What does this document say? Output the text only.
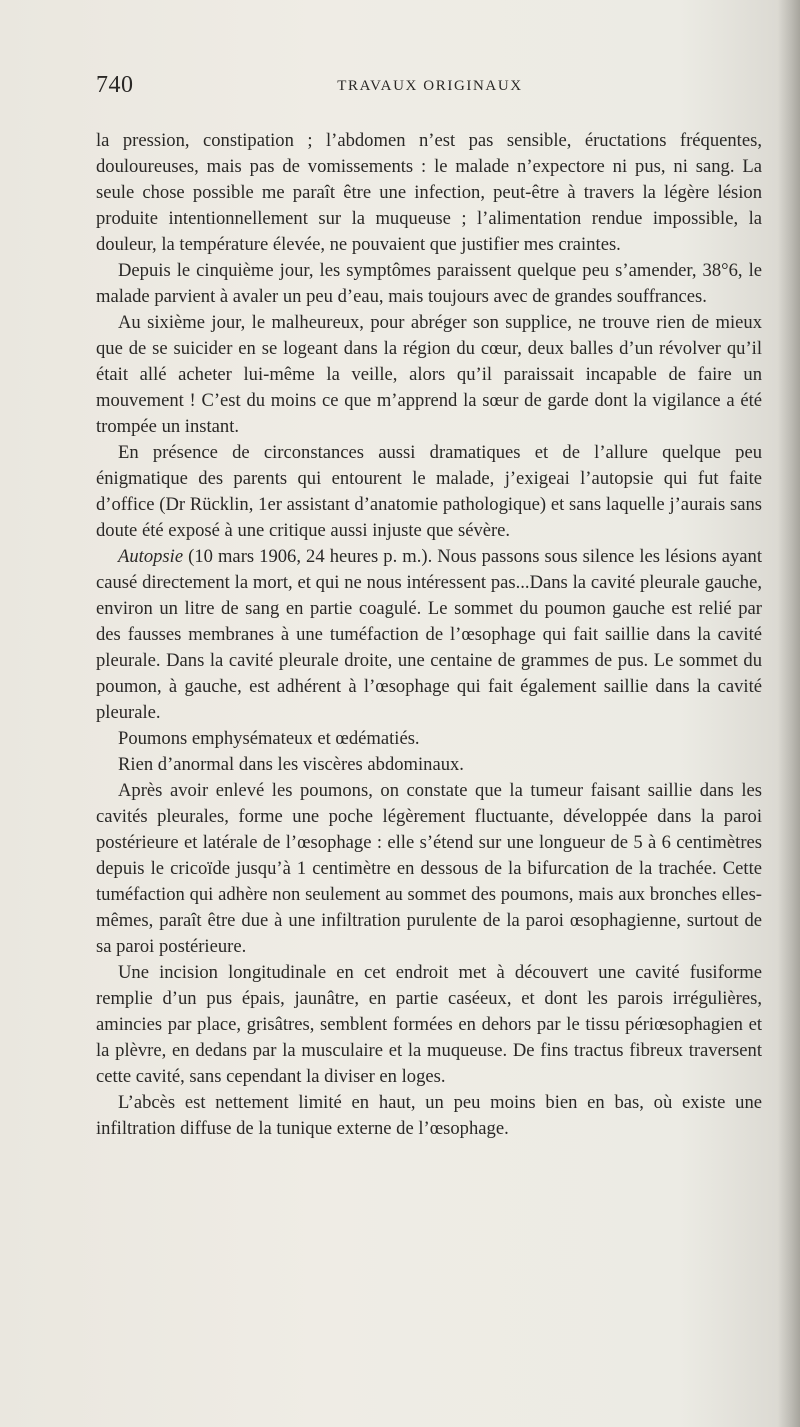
740	TRAVAUX ORIGINAUX

la pression, constipation ; l’abdomen n’est pas sensible, éructations fréquentes, douloureuses, mais pas de vomissements : le malade n’expectore ni pus, ni sang. La seule chose possible me paraît être une infection, peut-être à travers la légère lésion produite intentionnellement sur la muqueuse ; l’alimentation rendue impossible, la douleur, la température élevée, ne pouvaient que justifier mes craintes.

Depuis le cinquième jour, les symptômes paraissent quelque peu s’amender, 38°6, le malade parvient à avaler un peu d’eau, mais toujours avec de grandes souffrances.

Au sixième jour, le malheureux, pour abréger son supplice, ne trouve rien de mieux que de se suicider en se logeant dans la région du cœur, deux balles d’un révolver qu’il était allé acheter lui-même la veille, alors qu’il paraissait incapable de faire un mouvement ! C’est du moins ce que m’apprend la sœur de garde dont la vigilance a été trompée un instant.

En présence de circonstances aussi dramatiques et de l’allure quelque peu énigmatique des parents qui entourent le malade, j’exigeai l’autopsie qui fut faite d’office (Dr Rücklin, 1er assistant d’anatomie pathologique) et sans laquelle j’aurais sans doute été exposé à une critique aussi injuste que sévère.

Autopsie (10 mars 1906, 24 heures p. m.). Nous passons sous silence les lésions ayant causé directement la mort, et qui ne nous intéressent pas...Dans la cavité pleurale gauche, environ un litre de sang en partie coagulé. Le sommet du poumon gauche est relié par des fausses membranes à une tuméfaction de l’œsophage qui fait saillie dans la cavité pleurale. Dans la cavité pleurale droite, une centaine de grammes de pus. Le sommet du poumon, à gauche, est adhérent à l’œsophage qui fait également saillie dans la cavité pleurale.

Poumons emphysémateux et œdématiés.

Rien d’anormal dans les viscères abdominaux.

Après avoir enlevé les poumons, on constate que la tumeur faisant saillie dans les cavités pleurales, forme une poche légèrement fluctuante, développée dans la paroi postérieure et latérale de l’œsophage : elle s’étend sur une longueur de 5 à 6 centimètres depuis le cricoïde jusqu’à 1 centimètre en dessous de la bifurcation de la trachée. Cette tuméfaction qui adhère non seulement au sommet des poumons, mais aux bronches elles-mêmes, paraît être due à une infiltration purulente de la paroi œsophagienne, surtout de sa paroi postérieure.

Une incision longitudinale en cet endroit met à découvert une cavité fusiforme remplie d’un pus épais, jaunâtre, en partie caséeux, et dont les parois irrégulières, amincies par place, grisâtres, semblent formées en dehors par le tissu périœsophagien et la plèvre, en dedans par la musculaire et la muqueuse. De fins tractus fibreux traversent cette cavité, sans cependant la diviser en loges.

L’abcès est nettement limité en haut, un peu moins bien en bas, où existe une infiltration diffuse de la tunique externe de l’œsophage.
